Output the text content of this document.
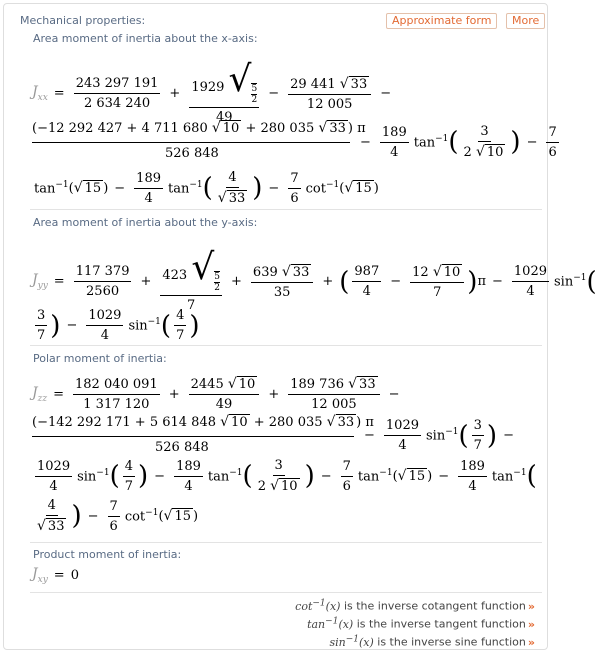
Mechanical properties:	Approximate form	More
Area moment of inertia about the x-axis:
$J_{xx} = \frac{243 297 191}{2 634 240} + \frac{1929 √ \frac{5}{2}}{49} - \frac{29 441 √ 33}{12 005}$ −
(−12 292 427 + 4 711 680 √ 10 + 280 035 √ 33 ) π
526 848
− $\frac{189}{4} \tan^{-1}$ ( $\frac{3}{2 √ 10}$ ) − $\frac{7}{6}$
$\tan^{-1}$ ( √ 15 ) − $\frac{189}{4} \tan^{-1}$ ( $\frac{4}{√ 33}$ ) − $\frac{7}{6} \cot^{-1}$ ( √ 15 )
Area moment of inertia about the y-axis:
$J_{yy} = \frac{117 379}{2560} + \frac{423 √ \frac{5}{2}}{7} + \frac{639 √ 33}{35}$ + ( $\frac{987}{4} - \frac{12 √ 10}{7}$ ) $\pi - \frac{1029}{4} \sin^{-1}$ (
$\frac{3}{7}$ ) − $\frac{1029}{4} \sin^{-1}$ ( $\frac{4}{7}$ )
Polar moment of inertia:
$J_{zz} = \frac{182 040 091}{1 317 120} + \frac{2445 √ 10}{49} + \frac{189 736 √ 33}{12 005}$ −
(−142 292 171 + 5 614 848 √ 10 + 280 035 √ 33 ) π
526 848
− $\frac{1029}{4} \sin^{-1}$ ( $\frac{3}{7}$ ) −
$\frac{1029}{4} \sin^{-1}$ ( $\frac{4}{7}$ ) − $\frac{189}{4} \tan^{-1}$ ( $\frac{3}{2 √ 10}$ ) − $\frac{7}{6} \tan^{-1}$ ( √ 15 ) − $\frac{189}{4} \tan^{-1}$ (
$\frac{4}{√ 33}$ ) − $\frac{7}{6} \cot^{-1}$ ( √ 15 )
Product moment of inertia:
$J_{xy} = 0$
$\cot^{-1}(x)$ is the inverse cotangent function »
$\tan^{-1}(x)$ is the inverse tangent function »
$\sin^{-1}(x)$ is the inverse sine function »
